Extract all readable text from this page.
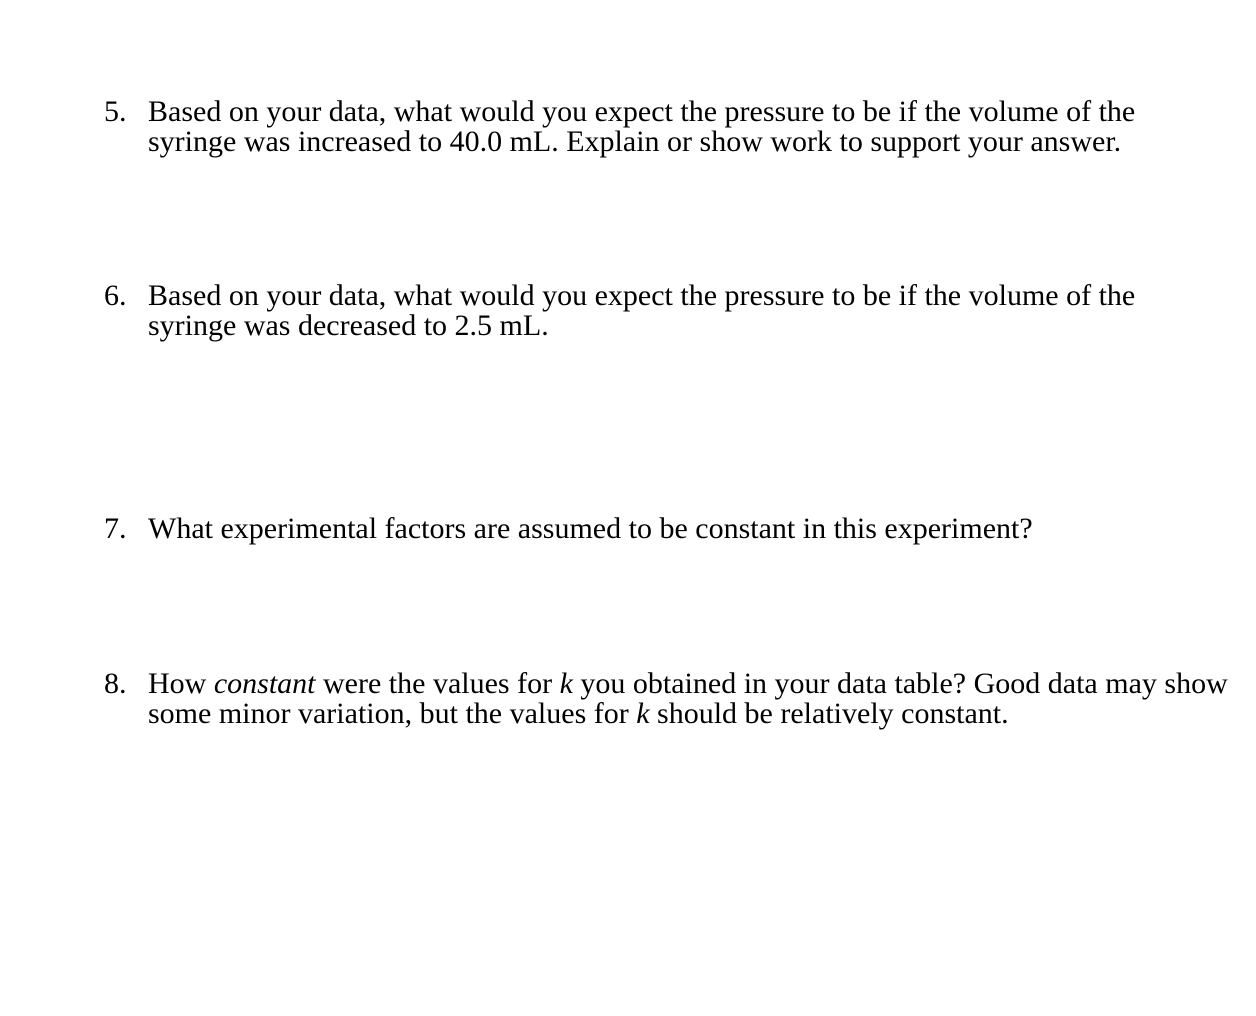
5. Based on your data, what would you expect the pressure to be if the volume of the
syringe was increased to 40.0 mL. Explain or show work to support your answer.
6. Based on your data, what would you expect the pressure to be if the volume of the
syringe was decreased to 2.5 mL.
7. What experimental factors are assumed to be constant in this experiment?
8. How constant were the values for k you obtained in your data table? Good data may show
some minor variation, but the values for k should be relatively constant.
